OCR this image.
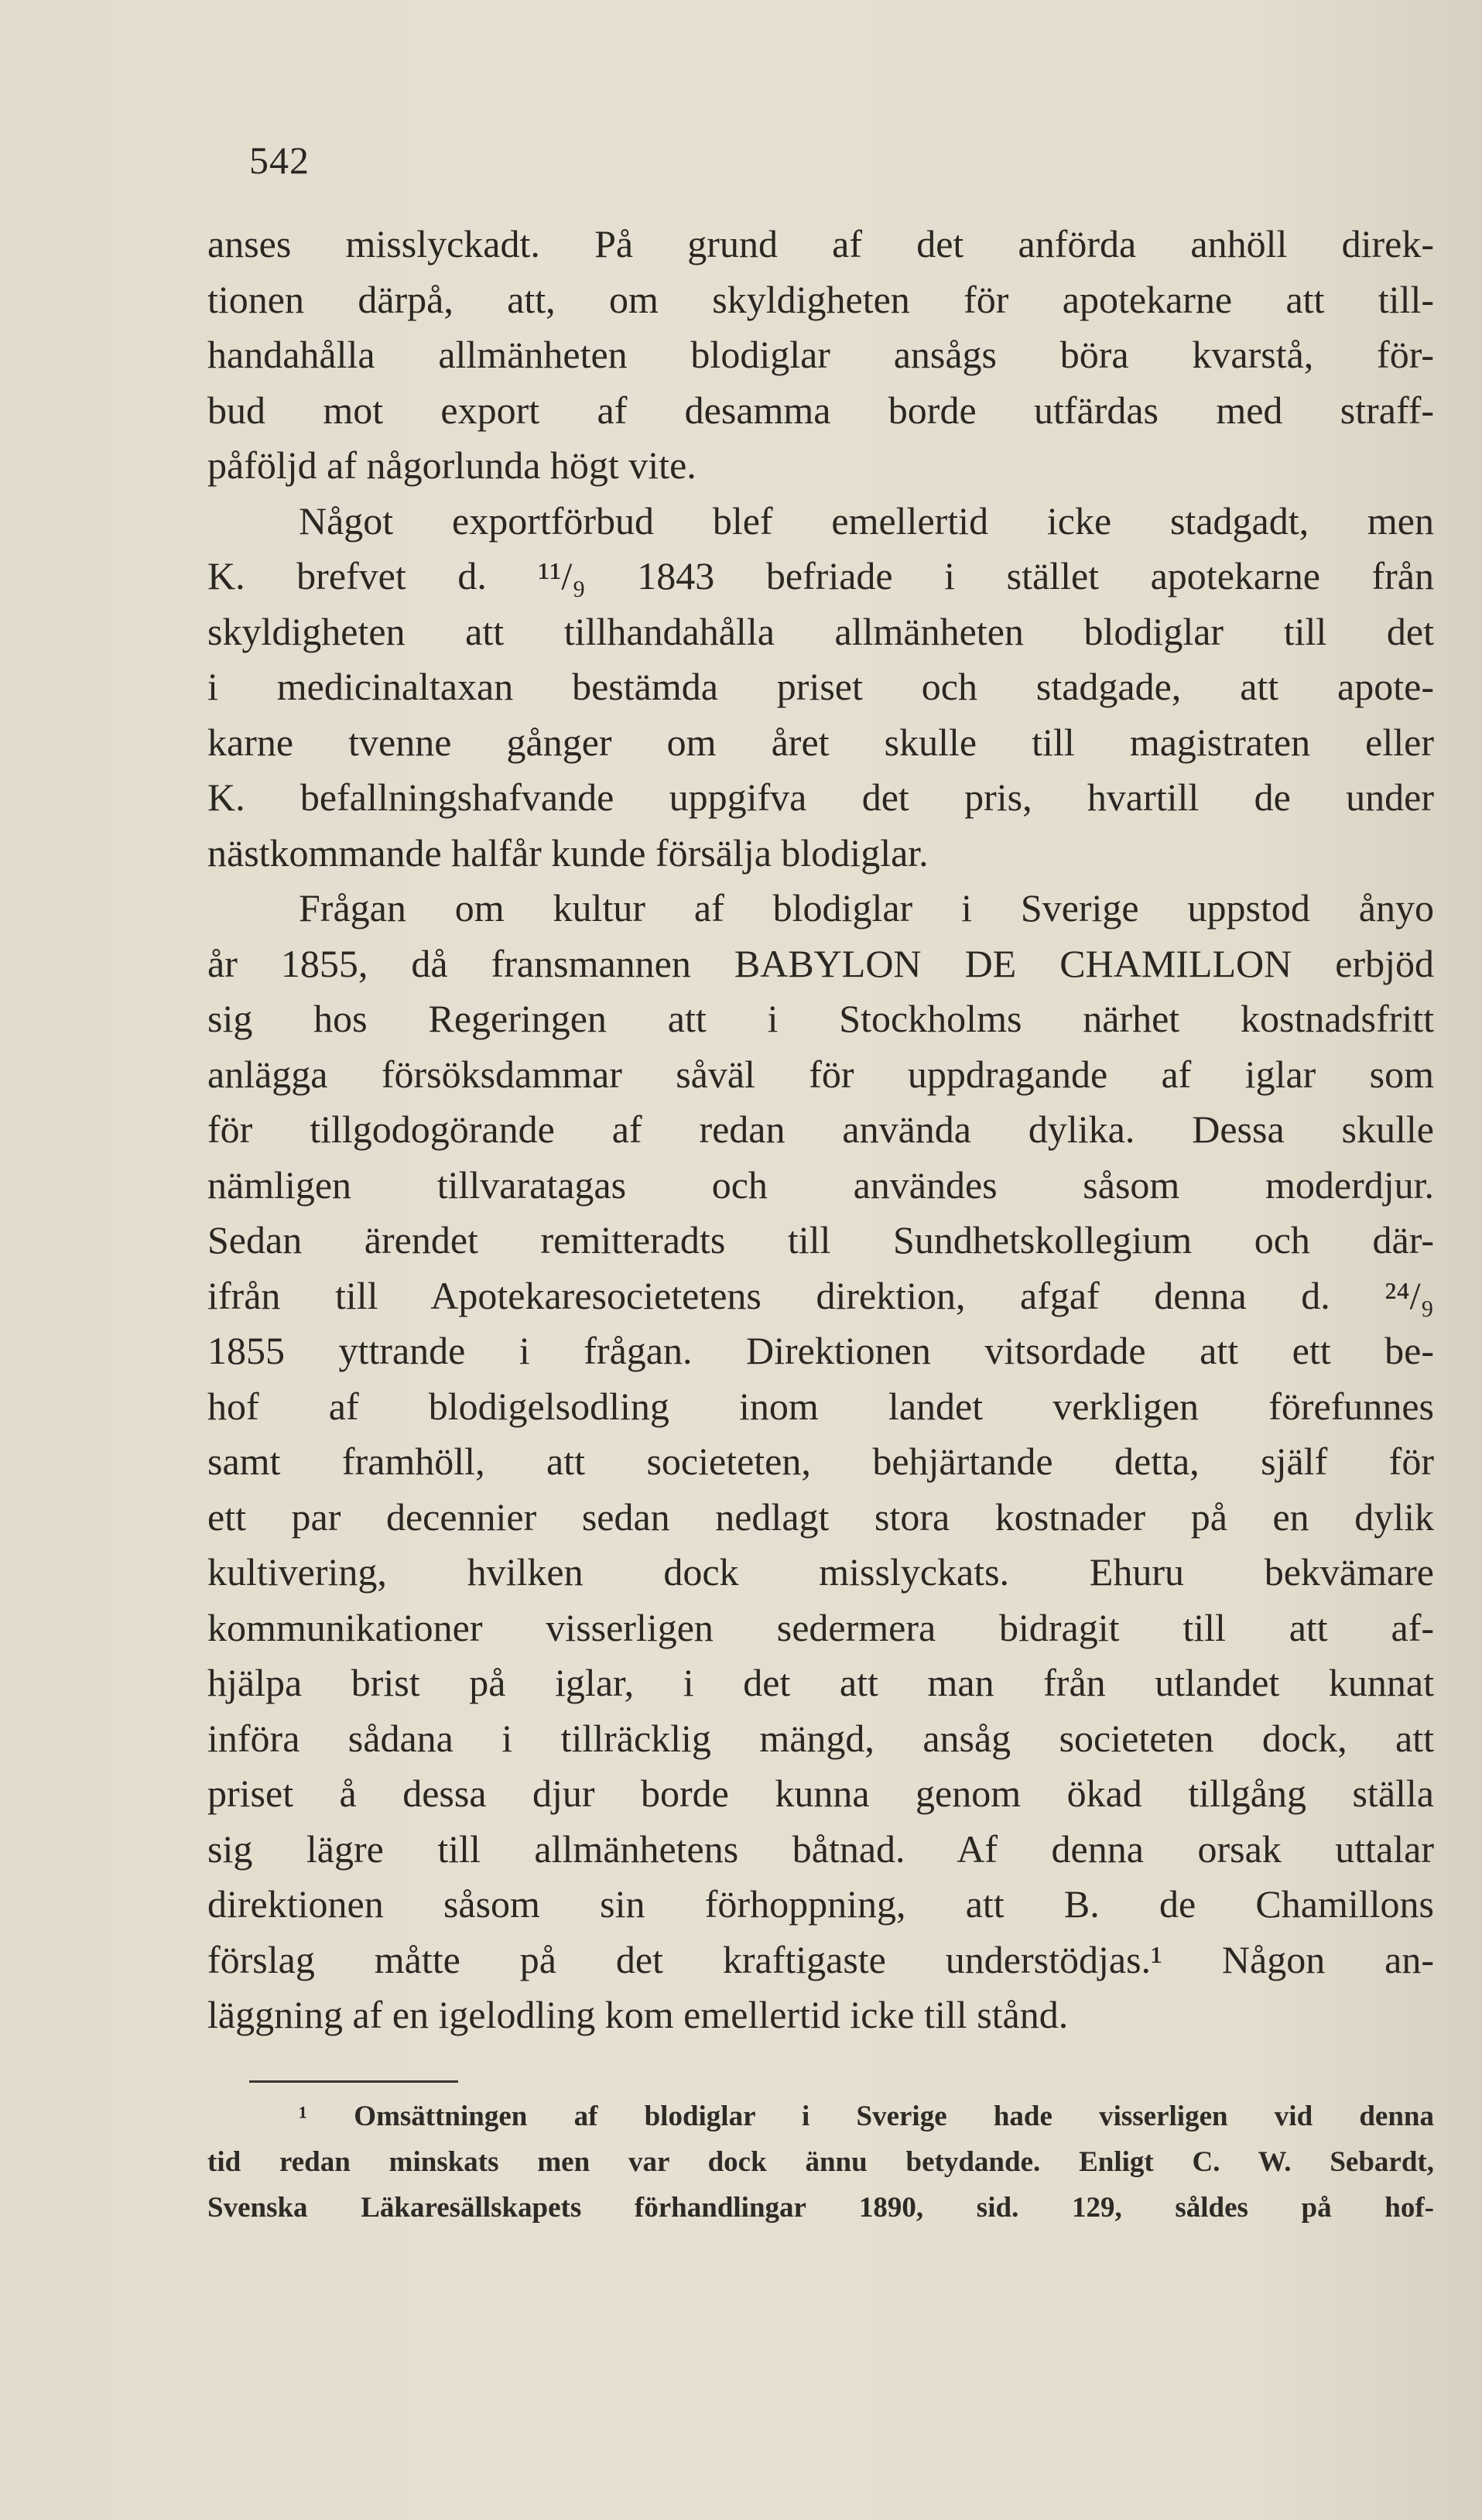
542
anses misslyckadt. På grund af det anförda anhöll direk-
tionen därpå, att, om skyldigheten för apotekarne att till-
handahålla allmänheten blodiglar ansågs böra kvarstå, för-
bud mot export af desamma borde utfärdas med straff-
påföljd af någorlunda högt vite.
Något exportförbud blef emellertid icke stadgadt, men
K. brefvet d. ¹¹/₉ 1843 befriade i stället apotekarne från
skyldigheten att tillhandahålla allmänheten blodiglar till det
i medicinaltaxan bestämda priset och stadgade, att apote-
karne tvenne gånger om året skulle till magistraten eller
K. befallningshafvande uppgifva det pris, hvartill de under
nästkommande halfår kunde försälja blodiglar.
Frågan om kultur af blodiglar i Sverige uppstod ånyo
år 1855, då fransmannen BABYLON DE CHAMILLON erbjöd
sig hos Regeringen att i Stockholms närhet kostnadsfritt
anlägga försöksdammar såväl för uppdragande af iglar som
för tillgodogörande af redan använda dylika. Dessa skulle
nämligen tillvaratagas och användes såsom moderdjur.
Sedan ärendet remitteradts till Sundhetskollegium och där-
ifrån till Apotekaresocietetens direktion, afgaf denna d. ²⁴/₉
1855 yttrande i frågan. Direktionen vitsordade att ett be-
hof af blodigelsodling inom landet verkligen förefunnes
samt framhöll, att societeten, behjärtande detta, själf för
ett par decennier sedan nedlagt stora kostnader på en dylik
kultivering, hvilken dock misslyckats. Ehuru bekvämare
kommunikationer visserligen sedermera bidragit till att af-
hjälpa brist på iglar, i det att man från utlandet kunnat
införa sådana i tillräcklig mängd, ansåg societeten dock, att
priset å dessa djur borde kunna genom ökad tillgång ställa
sig lägre till allmänhetens båtnad. Af denna orsak uttalar
direktionen såsom sin förhoppning, att B. de Chamillons
förslag måtte på det kraftigaste understödjas.¹ Någon an-
läggning af en igelodling kom emellertid icke till stånd.
¹ Omsättningen af blodiglar i Sverige hade visserligen vid denna
tid redan minskats men var dock ännu betydande. Enligt C. W. Sebardt,
Svenska Läkaresällskapets förhandlingar 1890, sid. 129, såldes på hof-
